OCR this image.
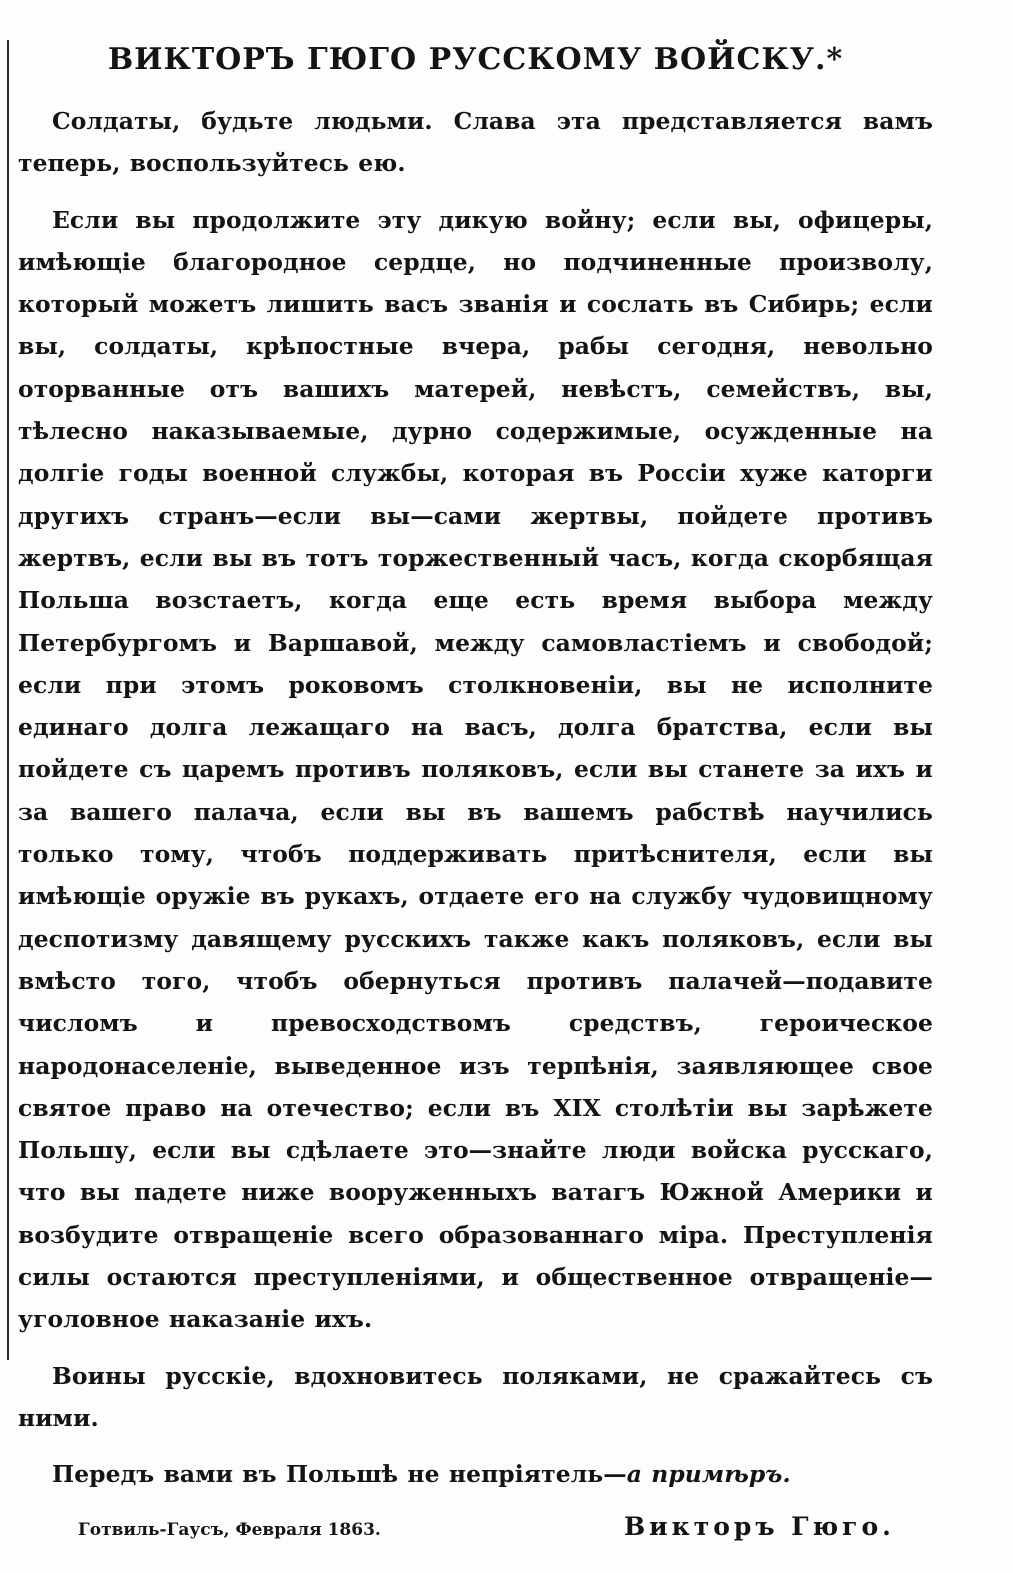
ВИКТОРЪ ГЮГО РУССКОМУ ВОЙСКУ.*

Солдаты, будьте людьми. Слава эта представляется вамъ теперь, воспользуйтесь ею.

Если вы продолжите эту дикую войну; если вы, офицеры, имѣющіе благородное сердце, но подчиненные произволу, который можетъ лишить васъ званія и сослать въ Сибирь; если вы, солдаты, крѣпостные вчера, рабы сегодня, невольно оторванные отъ вашихъ матерей, невѣстъ, семействъ, вы, тѣлесно наказываемые, дурно содержимые, осужденные на долгіе годы военной службы, которая въ Россіи хуже каторги другихъ странъ—если вы—сами жертвы, пойдете противъ жертвъ, если вы въ тотъ торжественный часъ, когда скорбящая Польша возстаетъ, когда еще есть время выбора между Петербургомъ и Варшавой, между самовластіемъ и свободой; если при этомъ роковомъ столкновеніи, вы не исполните единаго долга лежащаго на васъ, долга братства, если вы пойдете съ царемъ противъ поляковъ, если вы станете за ихъ и за вашего палача, если вы въ вашемъ рабствѣ научились только тому, чтобъ поддерживать притѣснителя, если вы имѣющіе оружіе въ рукахъ, отдаете его на службу чудовищному деспотизму давящему русскихъ также какъ поляковъ, если вы вмѣсто того, чтобъ обернуться противъ палачей—подавите числомъ и превосходствомъ средствъ, героическое народонаселеніе, выведенное изъ терпѣнія, заявляющее свое святое право на отечество; если въ XIX столѣтіи вы зарѣжете Польшу, если вы сдѣлаете это—знайте люди войска русскаго, что вы падете ниже вооруженныхъ ватагъ Южной Америки и возбудите отвращеніе всего образованнаго міра. Преступленія силы остаются преступленіями, и общественное отвращеніе—уголовное наказаніе ихъ.

Воины русскіе, вдохновитесь поляками, не сражайтесь съ ними.

Передъ вами въ Польшѣ не непріятель—а примѣръ.

Готвиль-Гаусъ, Февраля 1863.	Викторъ Гюго.
